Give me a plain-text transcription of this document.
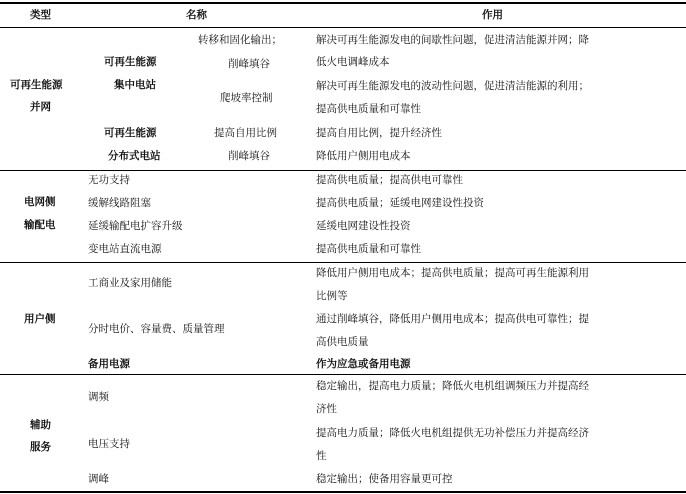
类型	名称	作用
可再生能源
并网
可再生能源
集中电站
转移和固化输出；
削峰填谷
爬坡率控制
解决可再生能源发电的间歇性问题，促进清洁能源并网；降
低火电调峰成本
解决可再生能源发电的波动性问题，促进清洁能源的利用；
提高供电质量和可靠性
可再生能源
分布式电站
提高自用比例
削峰填谷
提高自用比例，提升经济性
降低用户侧用电成本
电网侧
输配电
无功支持
缓解线路阻塞
延缓输配电扩容升级
变电站直流电源
提高供电质量；提高供电可靠性
提高供电质量；延缓电网建设性投资
延缓电网建设性投资
提高供电质量和可靠性
用户侧
工商业及家用储能
分时电价、容量费、质量管理
备用电源
降低用户侧用电成本；提高供电质量；提高可再生能源利用
比例等
通过削峰填谷，降低用户侧用电成本；提高供电可靠性；提
高供电质量
作为应急或备用电源
辅助
服务
调频
电压支持
调峰
稳定输出，提高电力质量；降低火电机组调频压力并提高经
济性
提高电力质量；降低火电机组提供无功补偿压力并提高经济
性
稳定输出；使备用容量更可控
